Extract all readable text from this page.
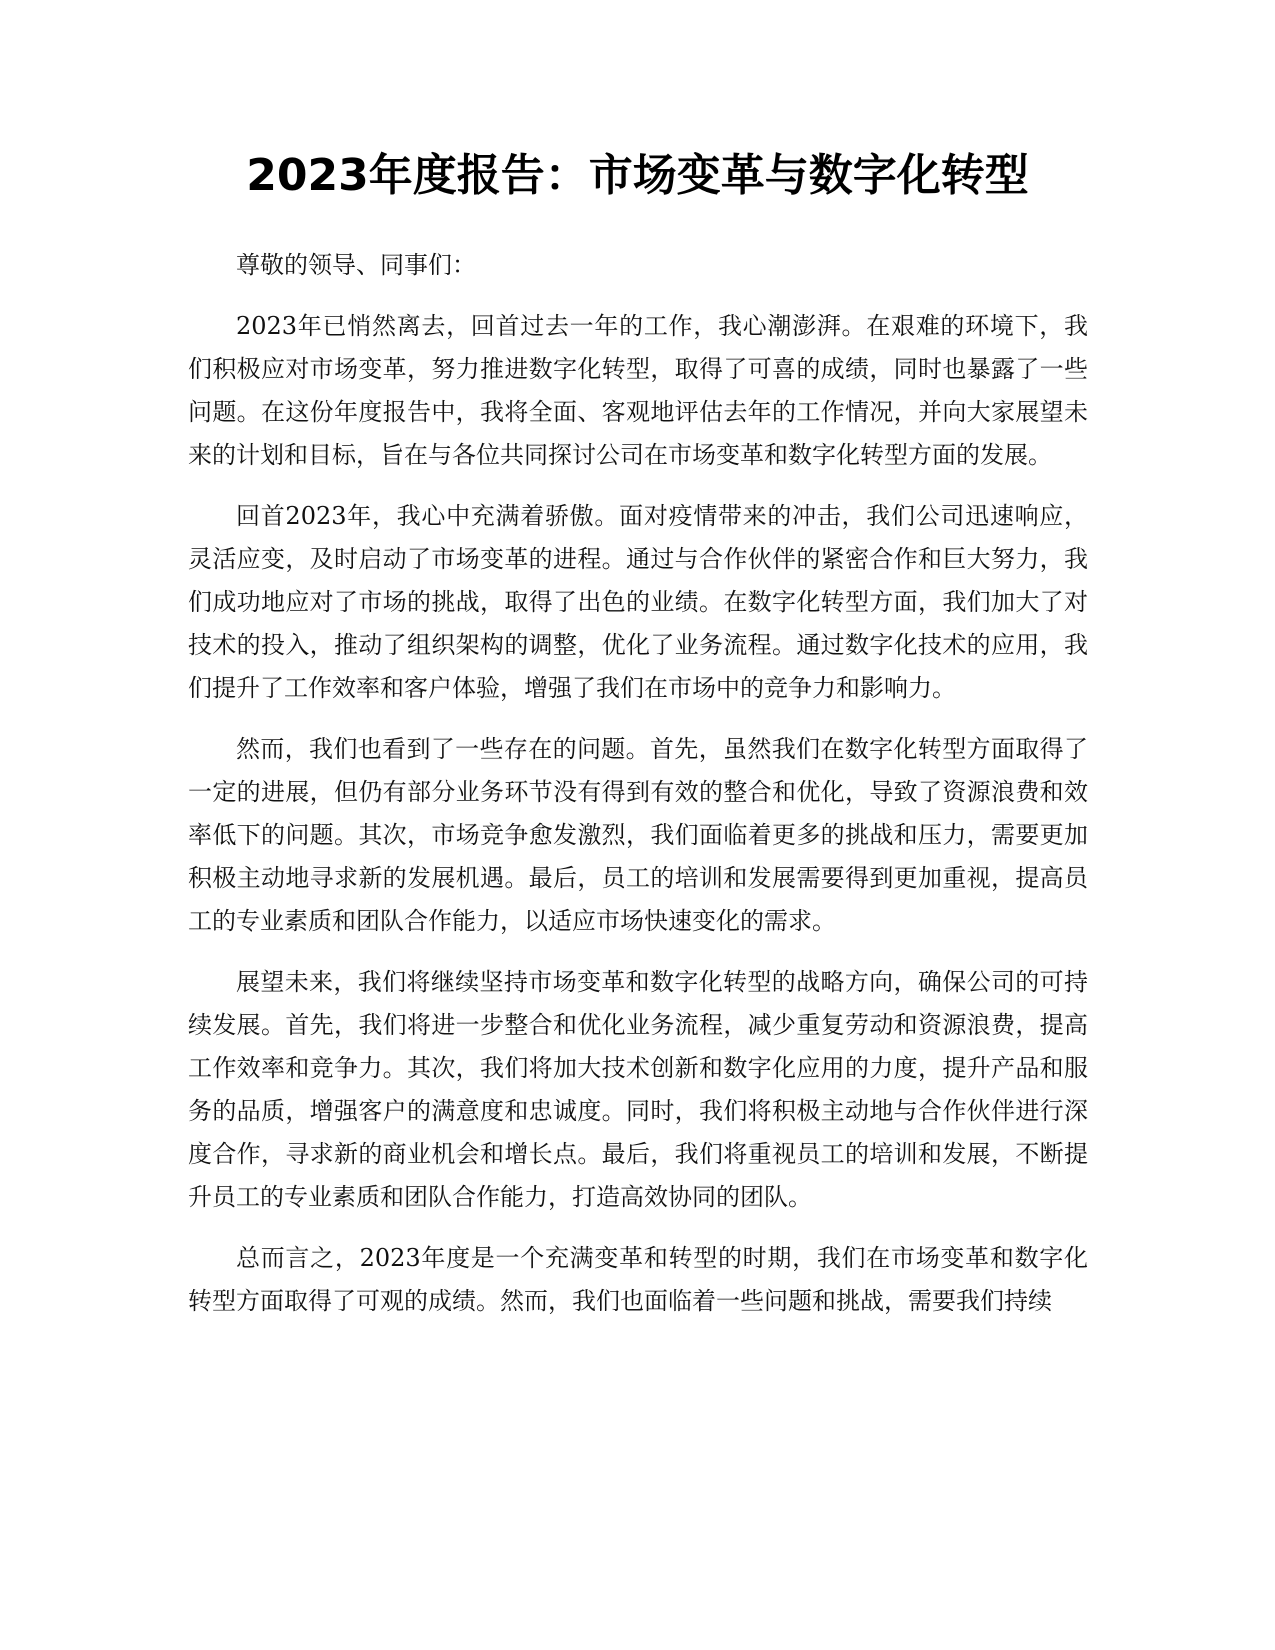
2023年度报告：市场变革与数字化转型

尊敬的领导、同事们：

2023年已悄然离去，回首过去一年的工作，我心潮澎湃。在艰难的环境下，我们积极应对市场变革，努力推进数字化转型，取得了可喜的成绩，同时也暴露了一些问题。在这份年度报告中，我将全面、客观地评估去年的工作情况，并向大家展望未来的计划和目标，旨在与各位共同探讨公司在市场变革和数字化转型方面的发展。

回首2023年，我心中充满着骄傲。面对疫情带来的冲击，我们公司迅速响应，灵活应变，及时启动了市场变革的进程。通过与合作伙伴的紧密合作和巨大努力，我们成功地应对了市场的挑战，取得了出色的业绩。在数字化转型方面，我们加大了对技术的投入，推动了组织架构的调整，优化了业务流程。通过数字化技术的应用，我们提升了工作效率和客户体验，增强了我们在市场中的竞争力和影响力。

然而，我们也看到了一些存在的问题。首先，虽然我们在数字化转型方面取得了一定的进展，但仍有部分业务环节没有得到有效的整合和优化，导致了资源浪费和效率低下的问题。其次，市场竞争愈发激烈，我们面临着更多的挑战和压力，需要更加积极主动地寻求新的发展机遇。最后，员工的培训和发展需要得到更加重视，提高员工的专业素质和团队合作能力，以适应市场快速变化的需求。

展望未来，我们将继续坚持市场变革和数字化转型的战略方向，确保公司的可持续发展。首先，我们将进一步整合和优化业务流程，减少重复劳动和资源浪费，提高工作效率和竞争力。其次，我们将加大技术创新和数字化应用的力度，提升产品和服务的品质，增强客户的满意度和忠诚度。同时，我们将积极主动地与合作伙伴进行深度合作，寻求新的商业机会和增长点。最后，我们将重视员工的培训和发展，不断提升员工的专业素质和团队合作能力，打造高效协同的团队。

总而言之，2023年度是一个充满变革和转型的时期，我们在市场变革和数字化转型方面取得了可观的成绩。然而，我们也面临着一些问题和挑战，需要我们持续
